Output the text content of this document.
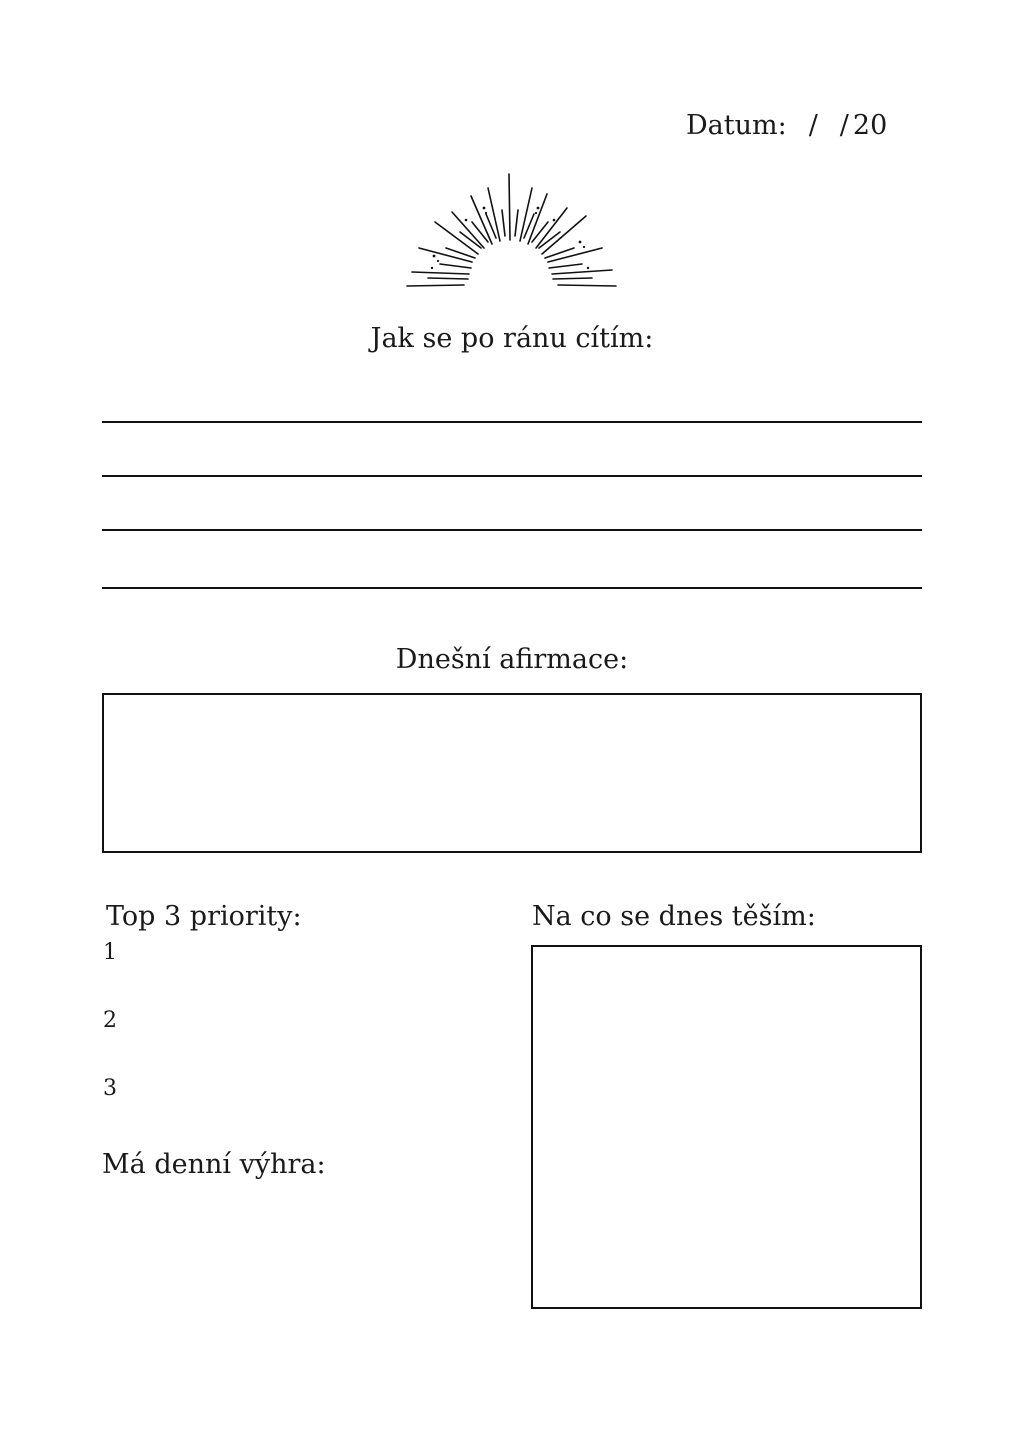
Datum: / / 20
Jak se po ránu cítím:
Dnešní afirmace:
Top 3 priority:
1
2
3
Má denní výhra:
Na co se dnes těším:
